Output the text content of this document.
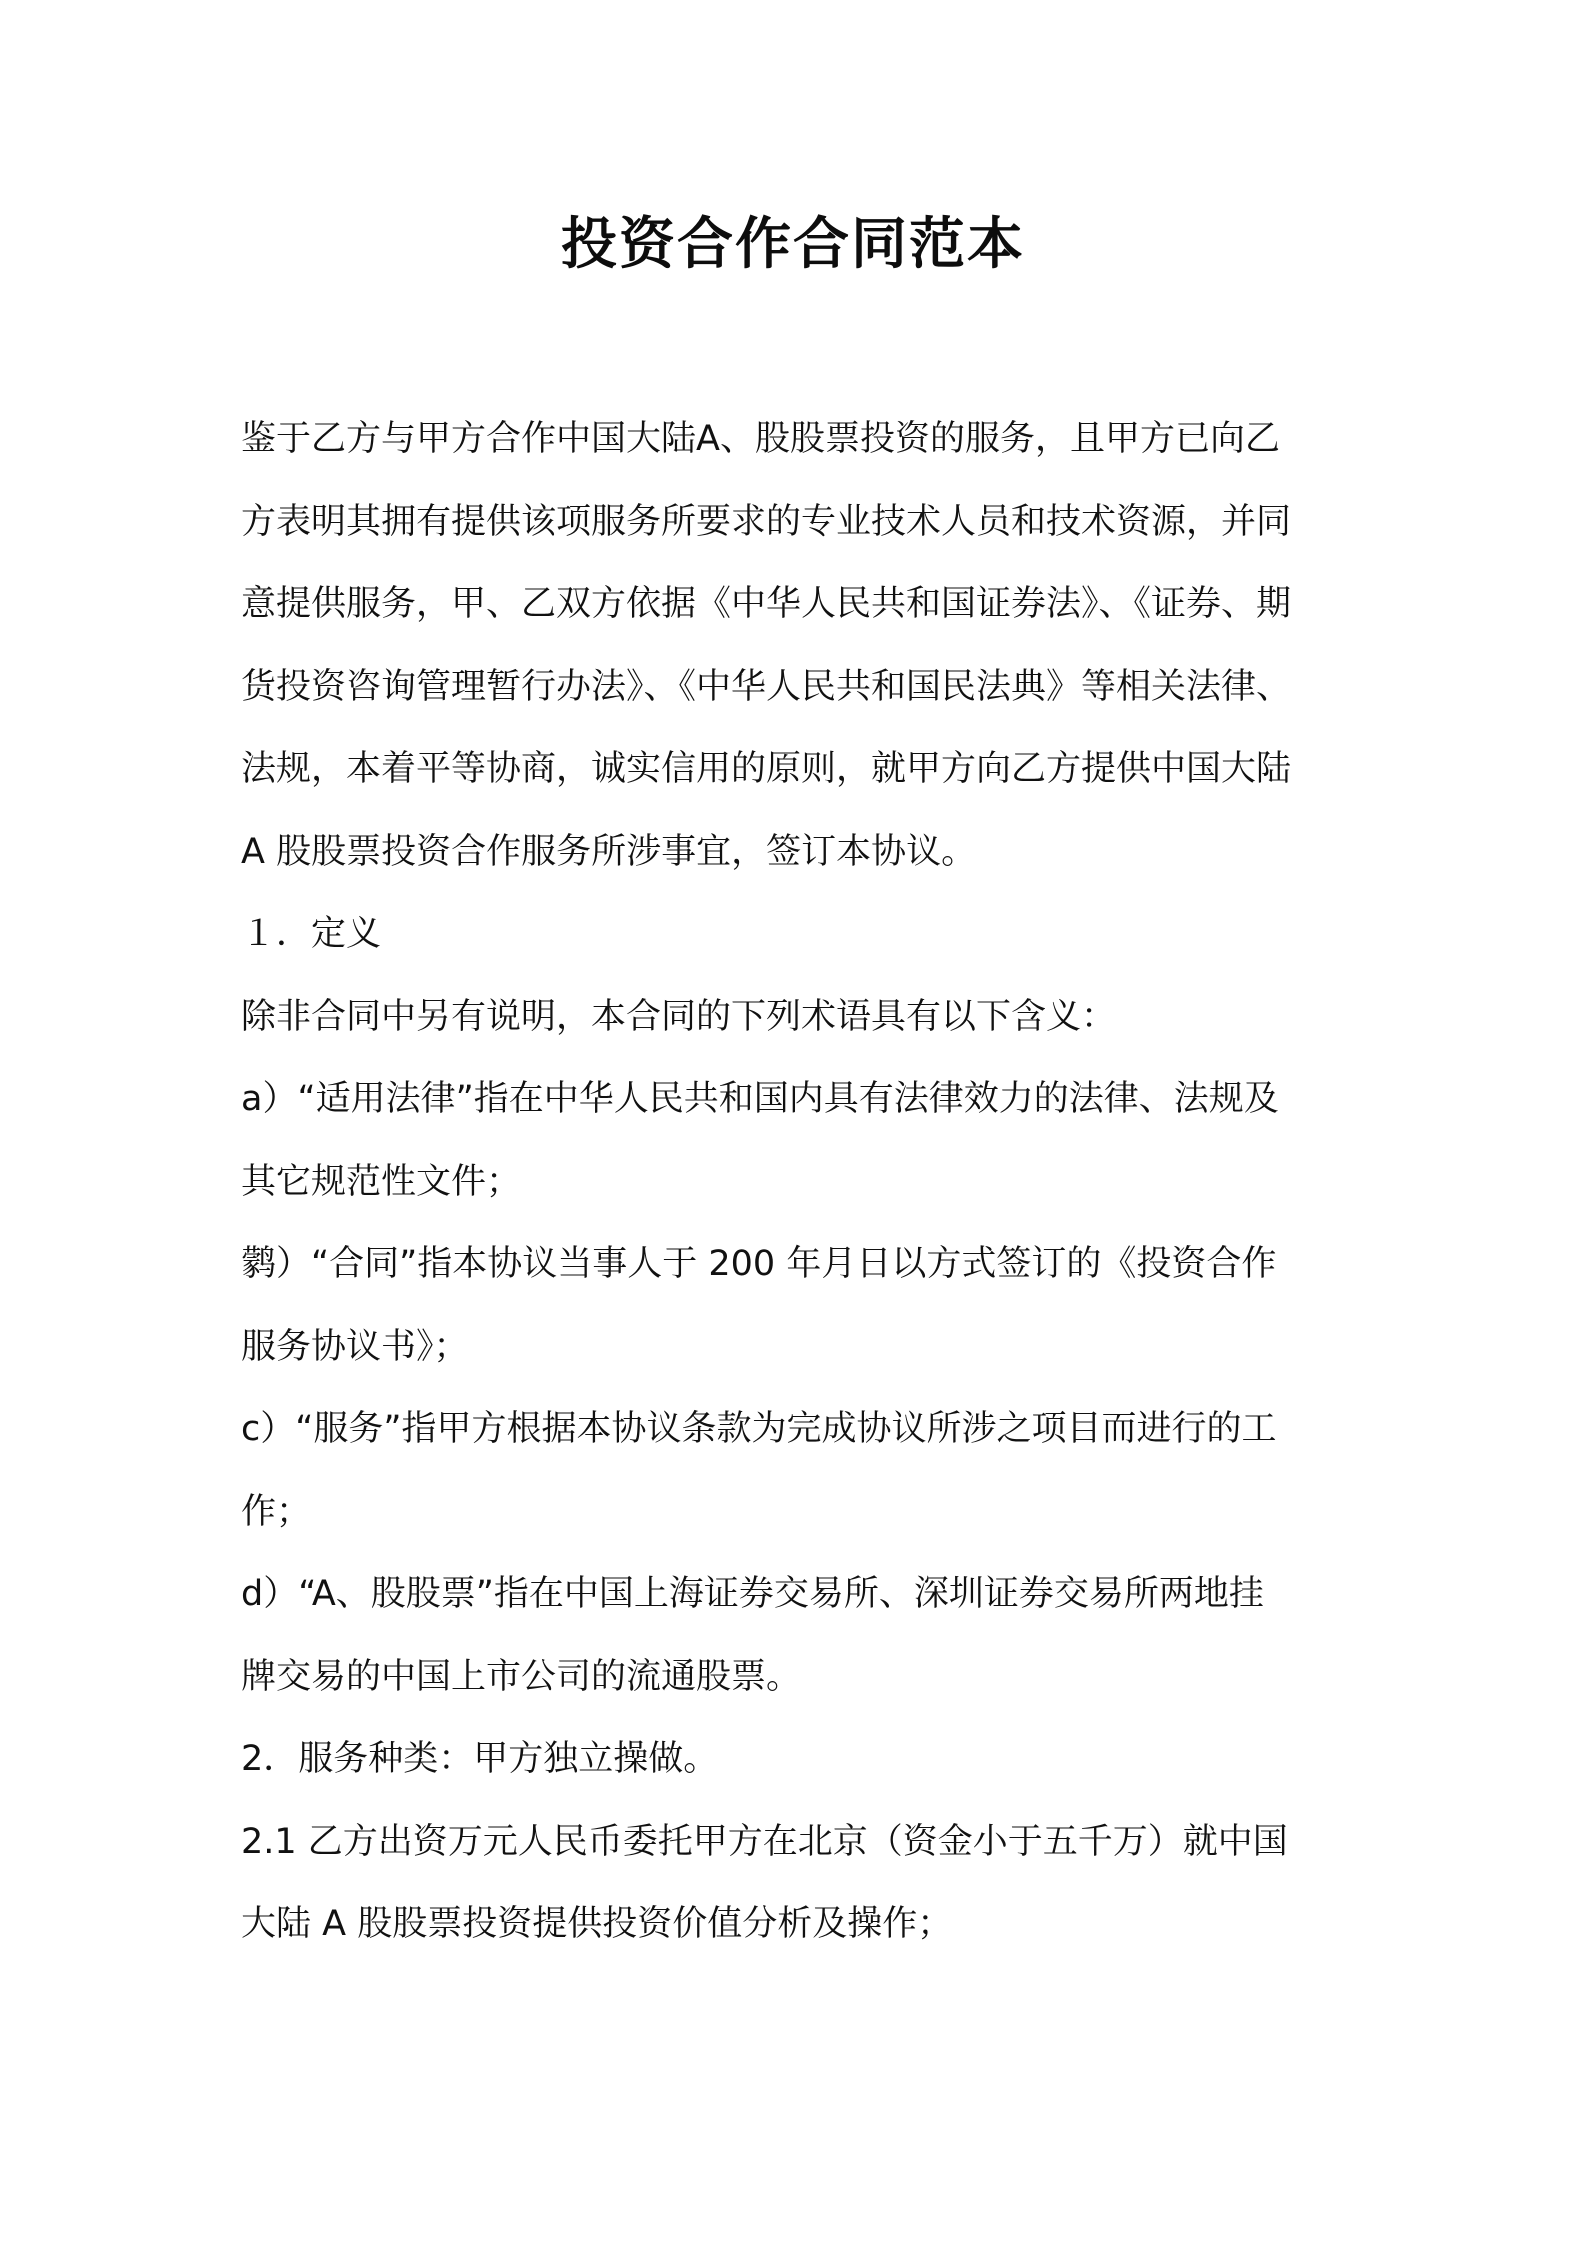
投资合作合同范本
鉴于乙方与甲方合作中国大陆A、股股票投资的服务，且甲方已向乙
方表明其拥有提供该项服务所要求的专业技术人员和技术资源，并同
意提供服务，甲、乙双方依据《中华人民共和国证券法》、《证券、期
货投资咨询管理暂行办法》、《中华人民共和国民法典》等相关法律、
法规，本着平等协商，诚实信用的原则，就甲方向乙方提供中国大陆
A 股股票投资合作服务所涉事宜，签订本协议。
１．定义
除非合同中另有说明，本合同的下列术语具有以下含义：
a）“适用法律”指在中华人民共和国内具有法律效力的法律、法规及
其它规范性文件；
鹲）“合同”指本协议当事人于 200 年月日以方式签订的《投资合作
服务协议书》；
c）“服务”指甲方根据本协议条款为完成协议所涉之项目而进行的工
作；
d）“A、股股票”指在中国上海证券交易所、深圳证券交易所两地挂
牌交易的中国上市公司的流通股票。
2．服务种类：甲方独立操做。
2.1 乙方出资万元人民币委托甲方在北京（资金小于五千万）就中国
大陆 A 股股票投资提供投资价值分析及操作；
